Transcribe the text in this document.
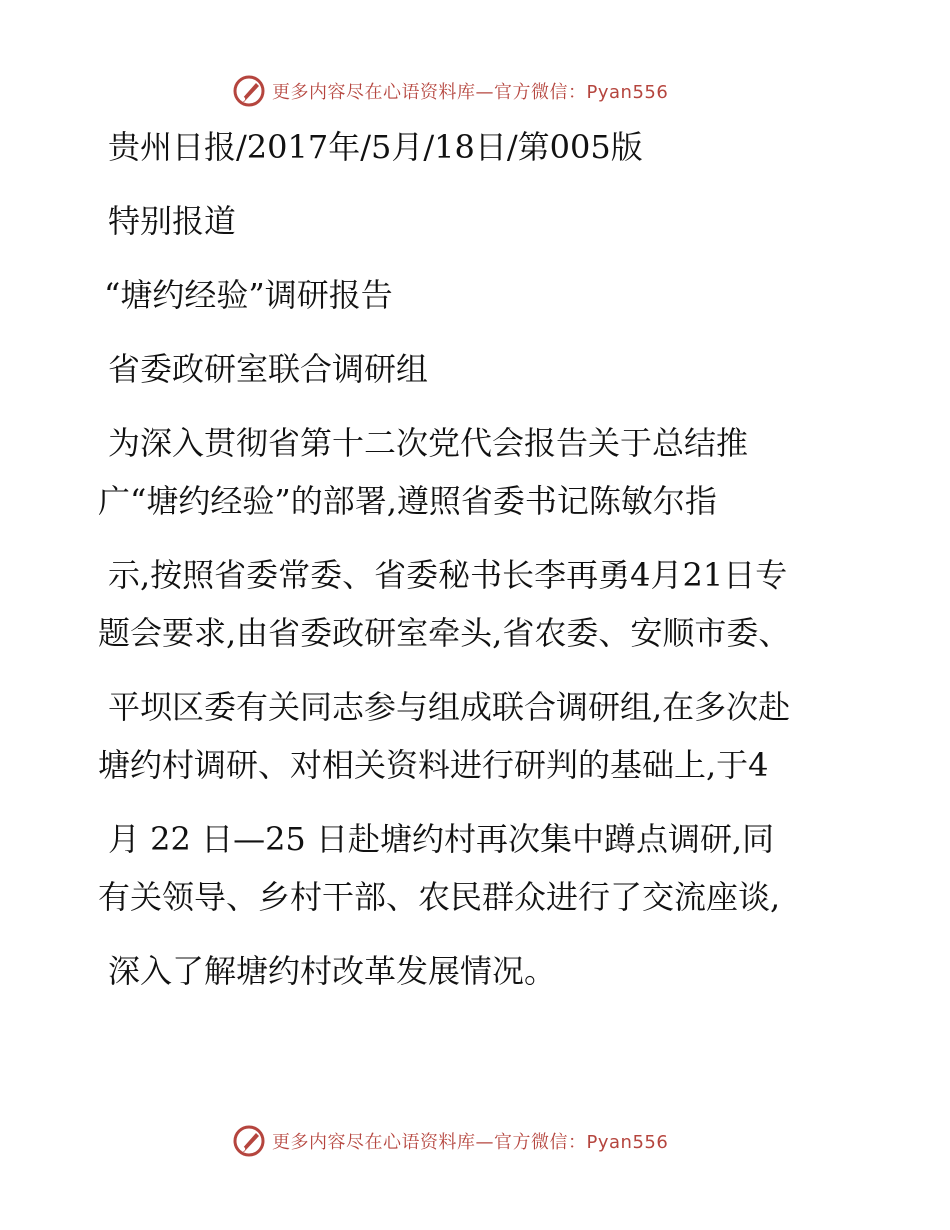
更多内容尽在心语资料库—官方微信：Pyan556

贵州日报/2017年/5月/18日/第005版

特别报道

“塘约经验”调研报告

省委政研室联合调研组

为深入贯彻省第十二次党代会报告关于总结推

广“塘约经验”的部署,遵照省委书记陈敏尔指

示,按照省委常委、省委秘书长李再勇4月21日专

题会要求,由省委政研室牵头,省农委、安顺市委、

平坝区委有关同志参与组成联合调研组,在多次赴

塘约村调研、对相关资料进行研判的基础上,于4

月 22 日—25 日赴塘约村再次集中蹲点调研,同

有关领导、乡村干部、农民群众进行了交流座谈,

深入了解塘约村改革发展情况。

更多内容尽在心语资料库—官方微信：Pyan556
